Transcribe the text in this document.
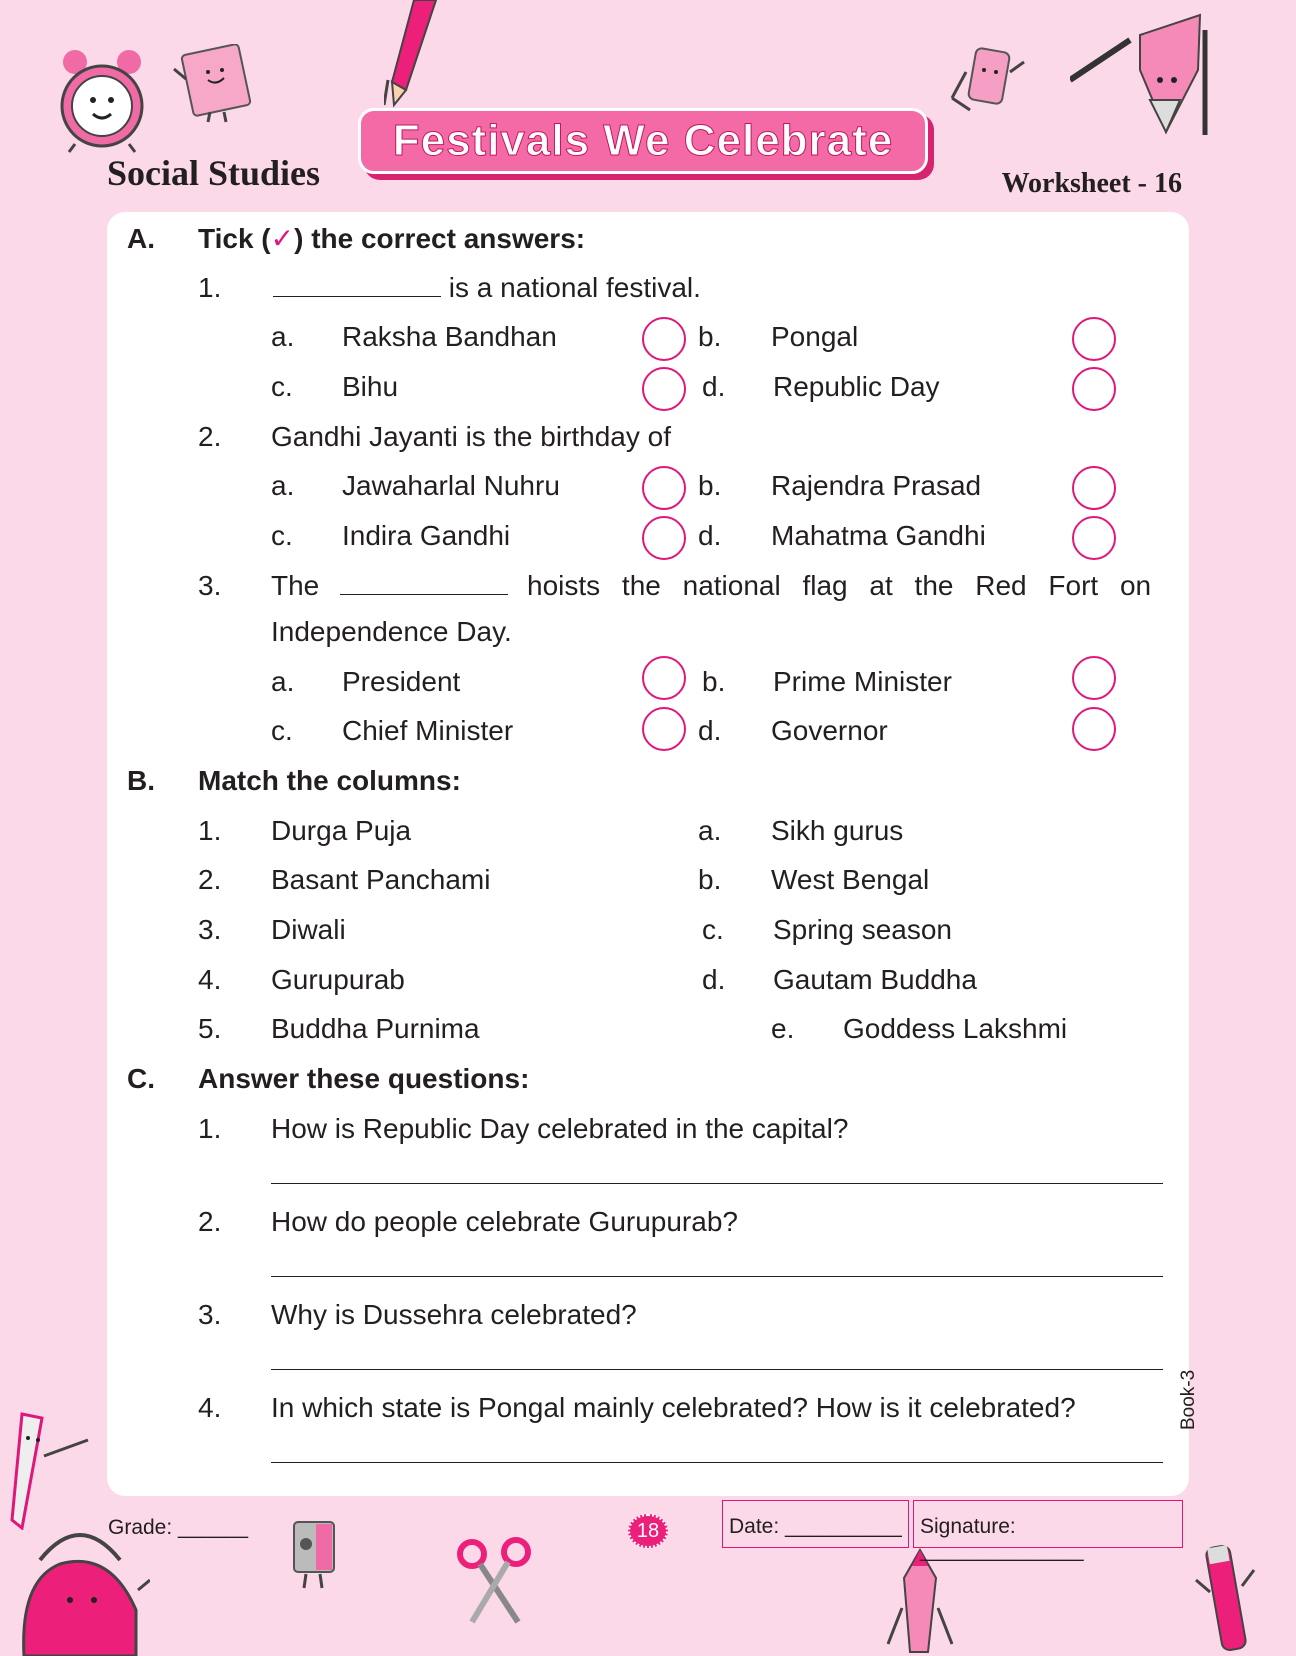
Social Studies
Festivals We Celebrate
Worksheet - 16
A. Tick (✓) the correct answers:
1.	is a national festival.
a. Raksha Bandhan	b. Pongal
c. Bihu	d. Republic Day
2. Gandhi Jayanti is the birthday of
a. Jawaharlal Nuhru	b. Rajendra Prasad
c. Indira Gandhi	d. Mahatma Gandhi
3. The	hoists the national flag at the Red Fort on
Independence Day.
a. President	b. Prime Minister
c. Chief Minister	d. Governor
B. Match the columns:
1. Durga Puja	a. Sikh gurus
2. Basant Panchami	b. West Bengal
3. Diwali	c. Spring season
4. Gurupurab	d. Gautam Buddha
5. Buddha Purnima	e. Goddess Lakshmi
C. Answer these questions:
1. How is Republic Day celebrated in the capital?
2. How do people celebrate Gurupurab?
3. Why is Dussehra celebrated?
4. In which state is Pongal mainly celebrated? How is it celebrated?	Book-3
Grade: ______	18	Date: __________ Signature: ______________
